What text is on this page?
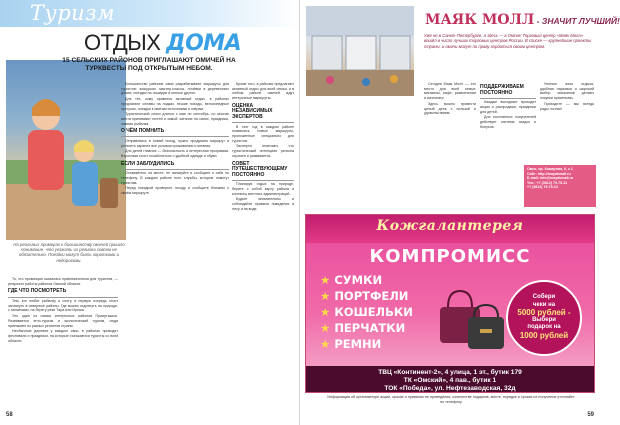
Туризм
ОТДЫХ ДОМА
15 СЕЛЬСКИХ РАЙОНОВ ПРИГЛАШАЮТ ОМИЧЕЙ НА ТУРКВЕСТЫ ПОД ОТКРЫТЫМ НЕБОМ.
На реальных примерах к большинству омичей пришло понимание, что уезжать из региона совсем не обязательно. Поездки могут быть короткими и недорогими.

То, что провинция оказалась привлекательна для туристов, — результат работы районов Омской области.

ГДЕ ЧТО ПОСМОТРЕТЬ

Тем, кто любит рыбалку и охоту, в первую очередь стоит заглянуть в северные районы. Где можно отдохнуть на природе, с палатками, на берегу реки Тара или Иртыш.

Это один из самых интересных районов Прииртышья. Развивается этно-туризм и экологический туризм, сюда приезжают из разных регионов страны.

Необычные деревни у каждого свои, в районах проводят фестивали и праздники, на которые съезжаются туристы со всей области.

Большинство районов сами разрабатывают маршруты для туристов: экскурсии, мастер-классы, ночёвки в деревенских домах, поездки на лошадях и многое другое.

Для тех, кому нравится активный отдых, в районах предлагают сплавы на лодках, пешие походы, велосипедные прогулки, поездки к святым источникам и озёрам.

Туристический сезон длится с мая по сентябрь, но многие места принимают гостей и зимой: катание на санях, праздники, зимняя рыбалка.

О ЧЁМ ПОМНИТЬ

Отправляясь в новый поход, нужно продумать маршрут и уточнить заранее все условия проживания и питания.

Для детей главное — безопасность и интересная программа. Взрослым стоит позаботиться о удобной одежде и обуви.

ЕСЛИ ЗАБЛУДИЛИСЬ

Оставайтесь на месте, не паникуйте и сообщите о себе по телефону. В каждом районе есть службы, которые помогут туристам.

Перед поездкой проверьте погоду и сообщите близким о своём маршруте.

Кроме того, в районах предлагают активный отдых для всей семьи, и в любом районе омичей ждут интересные маршруты.

ОЦЕНКА НЕЗАВИСИМЫХ ЭКСПЕРТОВ

В этот год в каждом районе появились новые маршруты, проложенные специально для туристов.

Эксперты отмечают, что туристический потенциал региона огромен и развивается.

СОВЕТ ПУТЕШЕСТВУЮЩЕМУ ПОСТОЯННО

Планируя отдых на природе, берите с собой карту района и контакты местных администраций.

Будьте внимательны и соблюдайте правила поведения в лесу и на воде.

58
МАЯК МОЛЛ - ЗНАЧИТ ЛУЧШИЙ!
Уже не в Санкт-Петербурге, а здесь — в Омске! Торговый центр «Маяк Молл» вошёл в число лучших торговых центров России. В списке — крупнейшие проекты страны, и омичи могут по праву гордиться своим центром.

Сегодня Маяк Молл — это место для всей семьи: магазины, кафе, развлечения и кинотеатр.

Здесь можно провести целый день с пользой и удовольствием.

ПОДДЕРЖИВАЕМ ПОСТОЯННО

Каждые выходные проходят акции и распродажи, праздники для детей.

Для постоянных покупателей действует система скидок и бонусов.

Уютные зоны отдыха, удобная парковка и широкий выбор магазинов делают покупки приятными.

Приходите — мы всегда рады гостям!

Омск, пр. Комарова, 6, к.1
Сайт: http://mayakmall.ru
E-mail: info@mayakmall.ru
Тел.: +7 (3812) 79-75-11
+7 (3812) 79-75-13
Кожгалантерея
КОМПРОМИСС
★ СУМКИ
★ ПОРТФЕЛИ
★ КОШЕЛЬКИ
★ ПЕРЧАТКИ
★ РЕМНИ
Собери
чеки на
5000 рублей -
Выбери
подарок на
1000 рублей
ТВЦ «Континент-2», 4 улица, 1 эт., бутик 179
ТК «Омский», 4 пав., бутик 1
ТОК «Победа», ул. Нефтезаводская, 32д
Информация об организаторе акции, сроках и правилах ее проведения, количестве подарков, месте, порядке и сроках их получения уточняйте по телефону
59
